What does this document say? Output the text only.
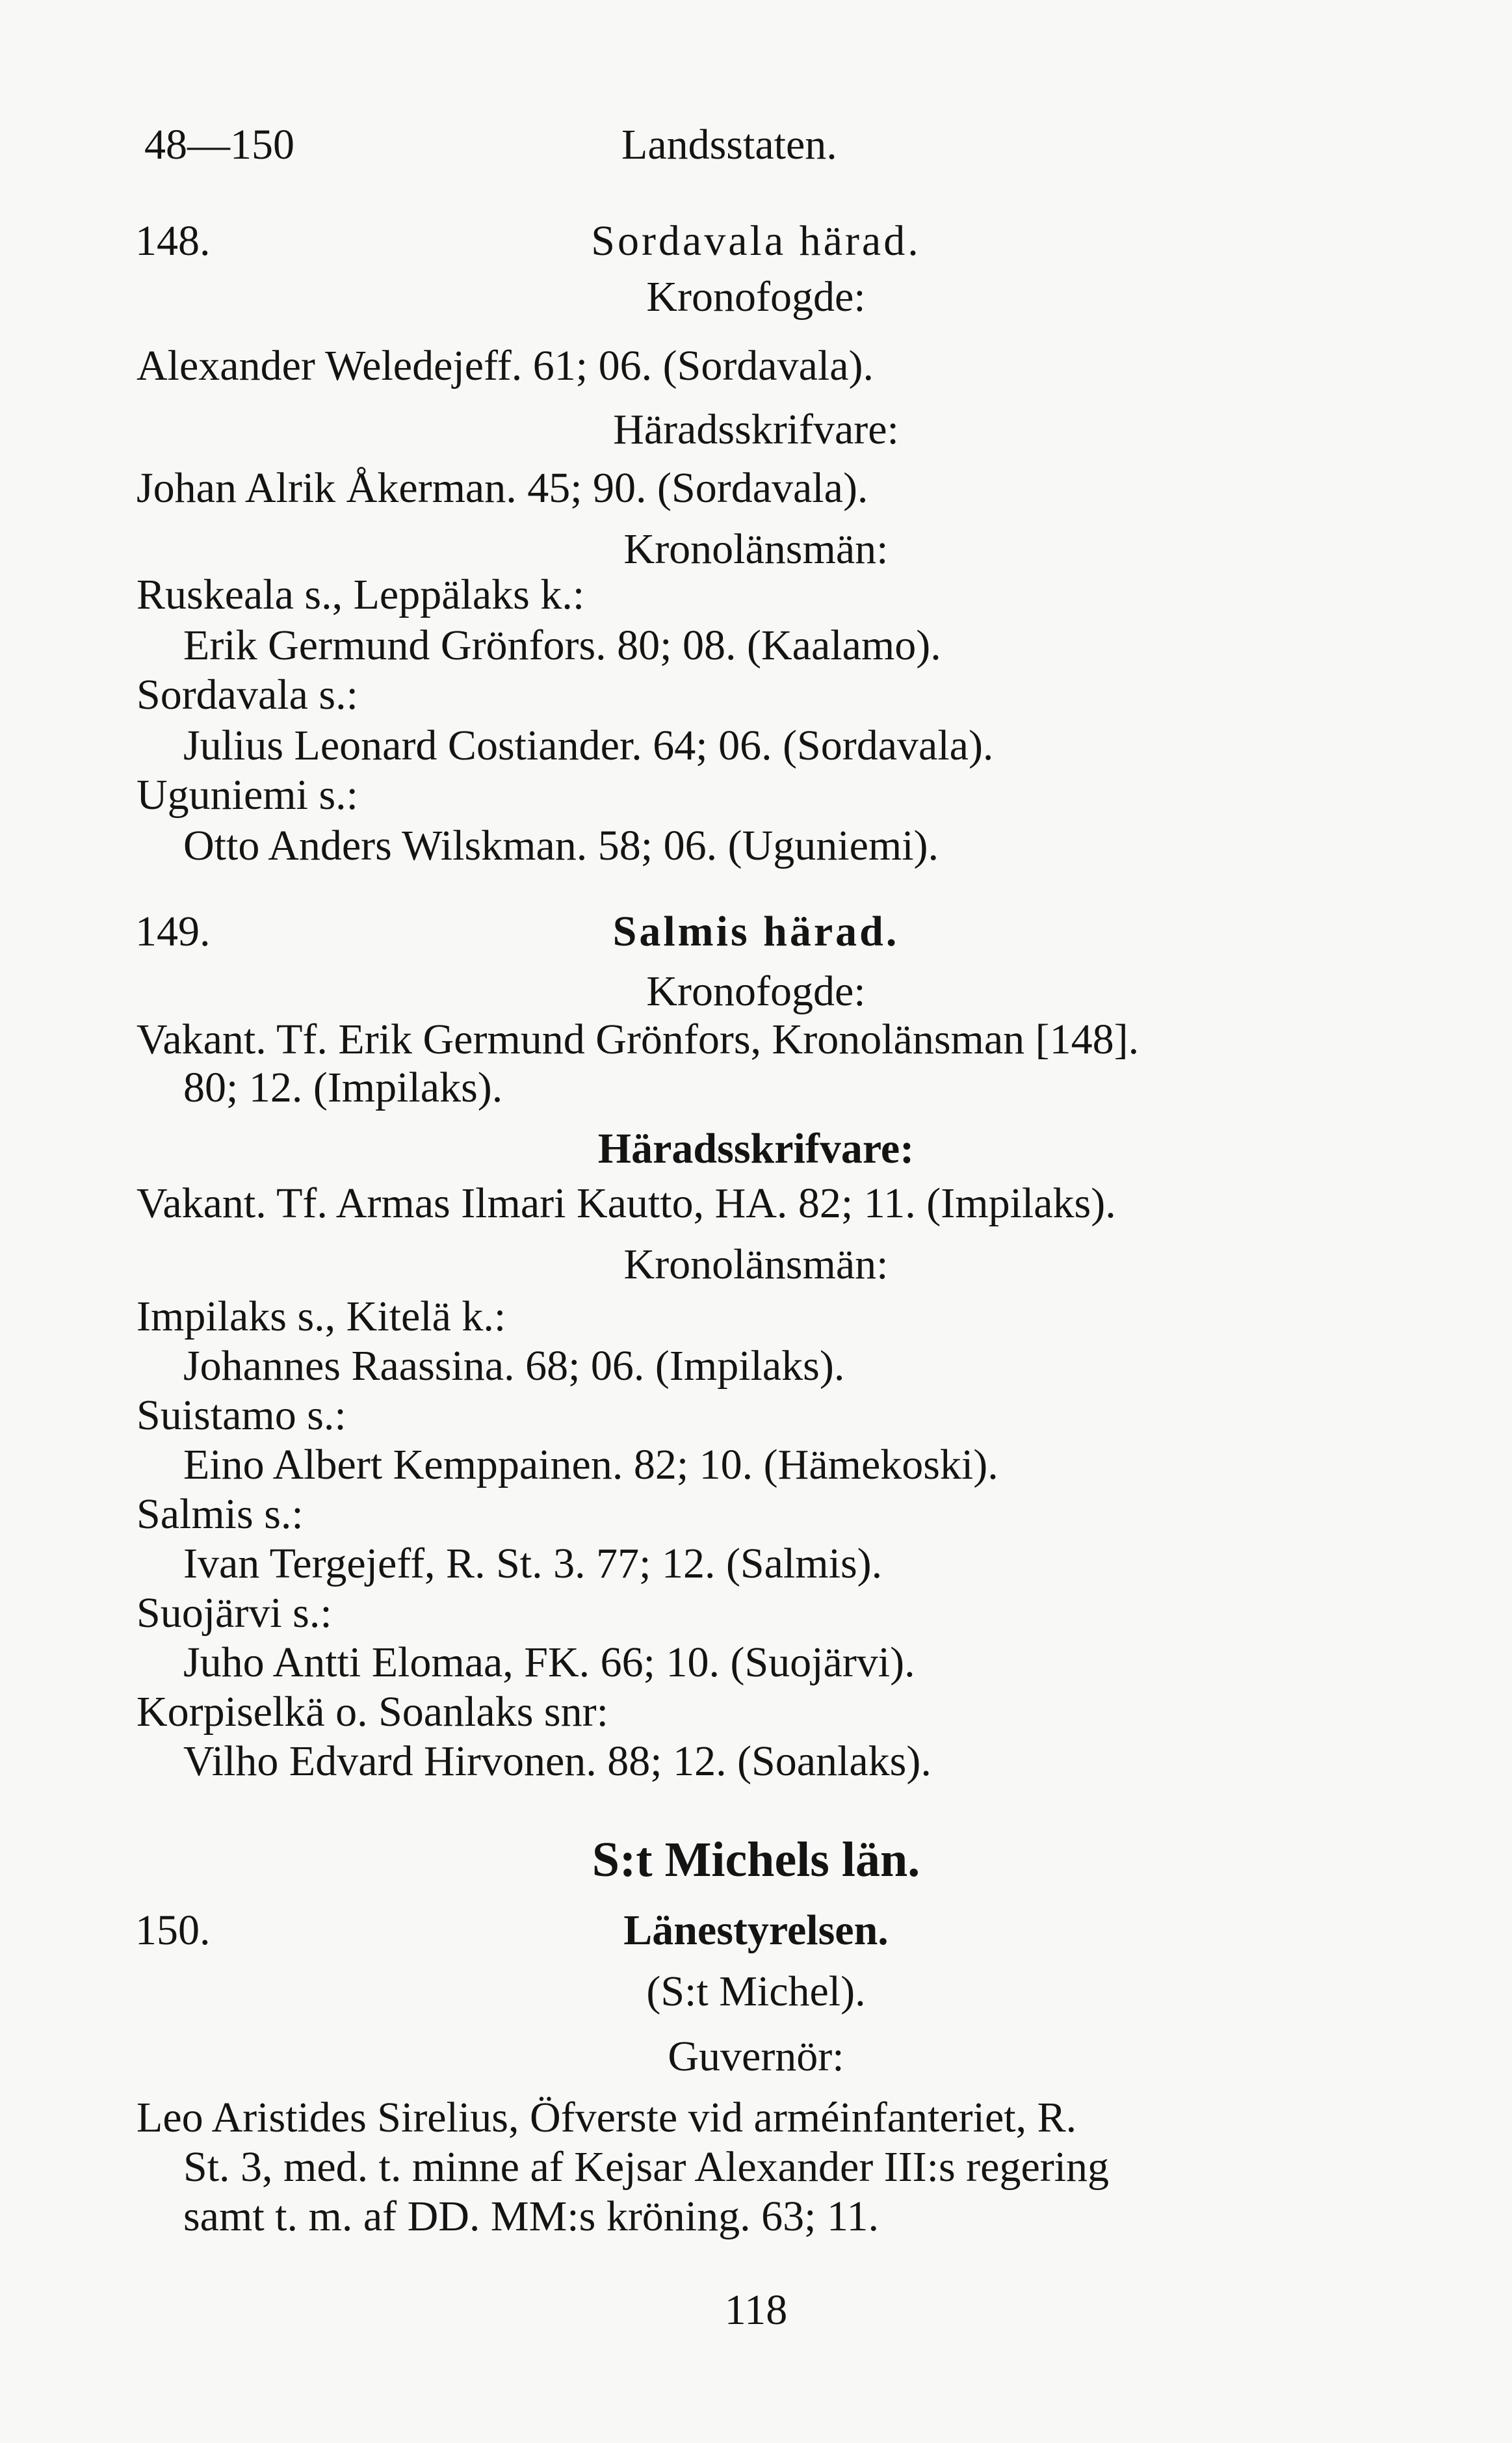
48—150	Landsstaten.
148.	Sordavala härad.
Kronofogde:
Alexander Weledejeff. 61; 06. (Sordavala).
Häradsskrifvare:
Johan Alrik Åkerman. 45; 90. (Sordavala).
Kronolänsmän:
Ruskeala s., Leppälaks k.:
Erik Germund Grönfors. 80; 08. (Kaalamo).
Sordavala s.:
Julius Leonard Costiander. 64; 06. (Sordavala).
Uguniemi s.:
Otto Anders Wilskman. 58; 06. (Uguniemi).
149.	Salmis härad.
Kronofogde:
Vakant. Tf. Erik Germund Grönfors, Kronolänsman [148].
80; 12. (Impilaks).
Häradsskrifvare:
Vakant. Tf. Armas Ilmari Kautto, HA. 82; 11. (Impilaks).
Kronolänsmän:
Impilaks s., Kitelä k.:
Johannes Raassina. 68; 06. (Impilaks).
Suistamo s.:
Eino Albert Kemppainen. 82; 10. (Hämekoski).
Salmis s.:
Ivan Tergejeff, R. St. 3. 77; 12. (Salmis).
Suojärvi s.:
Juho Antti Elomaa, FK. 66; 10. (Suojärvi).
Korpiselkä o. Soanlaks snr:
Vilho Edvard Hirvonen. 88; 12. (Soanlaks).
S:t Michels län.
150.	Länestyrelsen.
(S:t Michel).
Guvernör:
Leo Aristides Sirelius, Öfverste vid arméinfanteriet, R.
St. 3, med. t. minne af Kejsar Alexander III:s regering
samt t. m. af DD. MM:s kröning. 63; 11.
118
